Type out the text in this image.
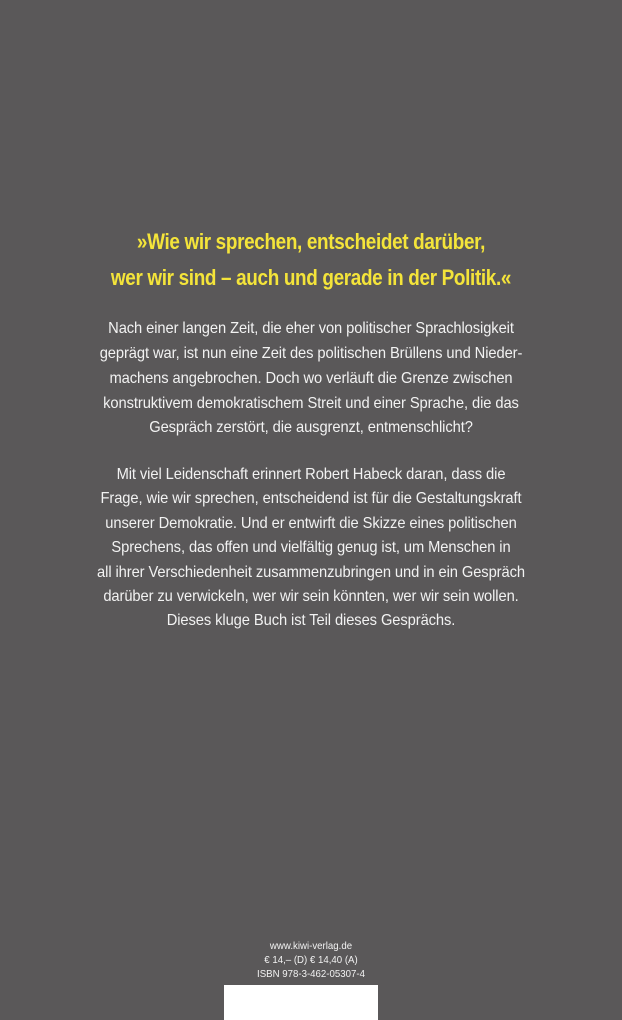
»Wie wir sprechen, entscheidet darüber,
wer wir sind – auch und gerade in der Politik.«
Nach einer langen Zeit, die eher von politischer Sprachlosigkeit
geprägt war, ist nun eine Zeit des politischen Brüllens und Nieder-
machens angebrochen. Doch wo verläuft die Grenze zwischen
konstruktivem demokratischem Streit und einer Sprache, die das
Gespräch zerstört, die ausgrenzt, entmenschlicht?
Mit viel Leidenschaft erinnert Robert Habeck daran, dass die
Frage, wie wir sprechen, entscheidend ist für die Gestaltungskraft
unserer Demokratie. Und er entwirft die Skizze eines politischen
Sprechens, das offen und vielfältig genug ist, um Menschen in
all ihrer Verschiedenheit zusammenzubringen und in ein Gespräch
darüber zu verwickeln, wer wir sein könnten, wer wir sein wollen.
Dieses kluge Buch ist Teil dieses Gesprächs.
www.kiwi-verlag.de
€ 14,– (D) € 14,40 (A)
ISBN 978-3-462-05307-4
